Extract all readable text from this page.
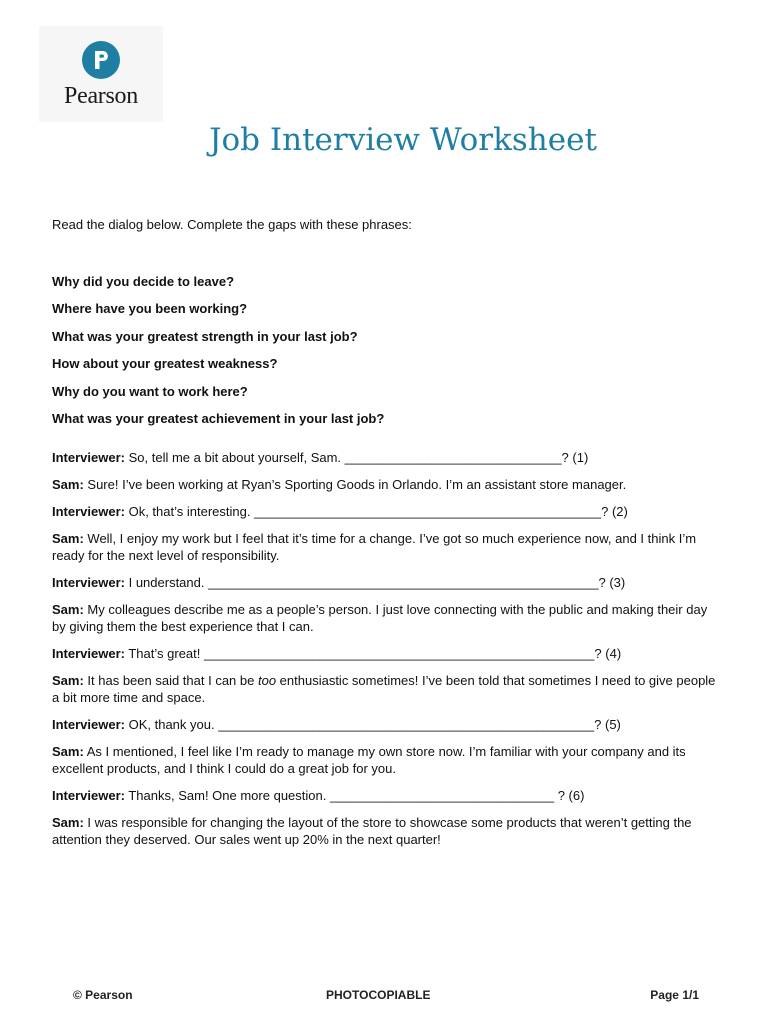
Pearson
Job Interview Worksheet

Read the dialog below. Complete the gaps with these phrases:

Why did you decide to leave?
Where have you been working?
What was your greatest strength in your last job?
How about your greatest weakness?
Why do you want to work here?
What was your greatest achievement in your last job?

Interviewer: So, tell me a bit about yourself, Sam. ______________________________? (1)

Sam: Sure! I’ve been working at Ryan’s Sporting Goods in Orlando. I’m an assistant store manager.

Interviewer: Ok, that’s interesting. ________________________________________________? (2)

Sam: Well, I enjoy my work but I feel that it’s time for a change. I’ve got so much experience now, and I think I’m ready for the next level of responsibility.

Interviewer: I understand. ______________________________________________________? (3)

Sam: My colleagues describe me as a people’s person. I just love connecting with the public and making their day by giving them the best experience that I can.

Interviewer: That’s great! ______________________________________________________? (4)

Sam: It has been said that I can be too enthusiastic sometimes! I’ve been told that sometimes I need to give people a bit more time and space.

Interviewer: OK, thank you. ____________________________________________________? (5)

Sam: As I mentioned, I feel like I’m ready to manage my own store now. I’m familiar with your company and its excellent products, and I think I could do a great job for you.

Interviewer: Thanks, Sam! One more question. _______________________________ ? (6)

Sam: I was responsible for changing the layout of the store to showcase some products that weren’t getting the attention they deserved. Our sales went up 20% in the next quarter!

© Pearson	PHOTOCOPIABLE	Page 1/1
